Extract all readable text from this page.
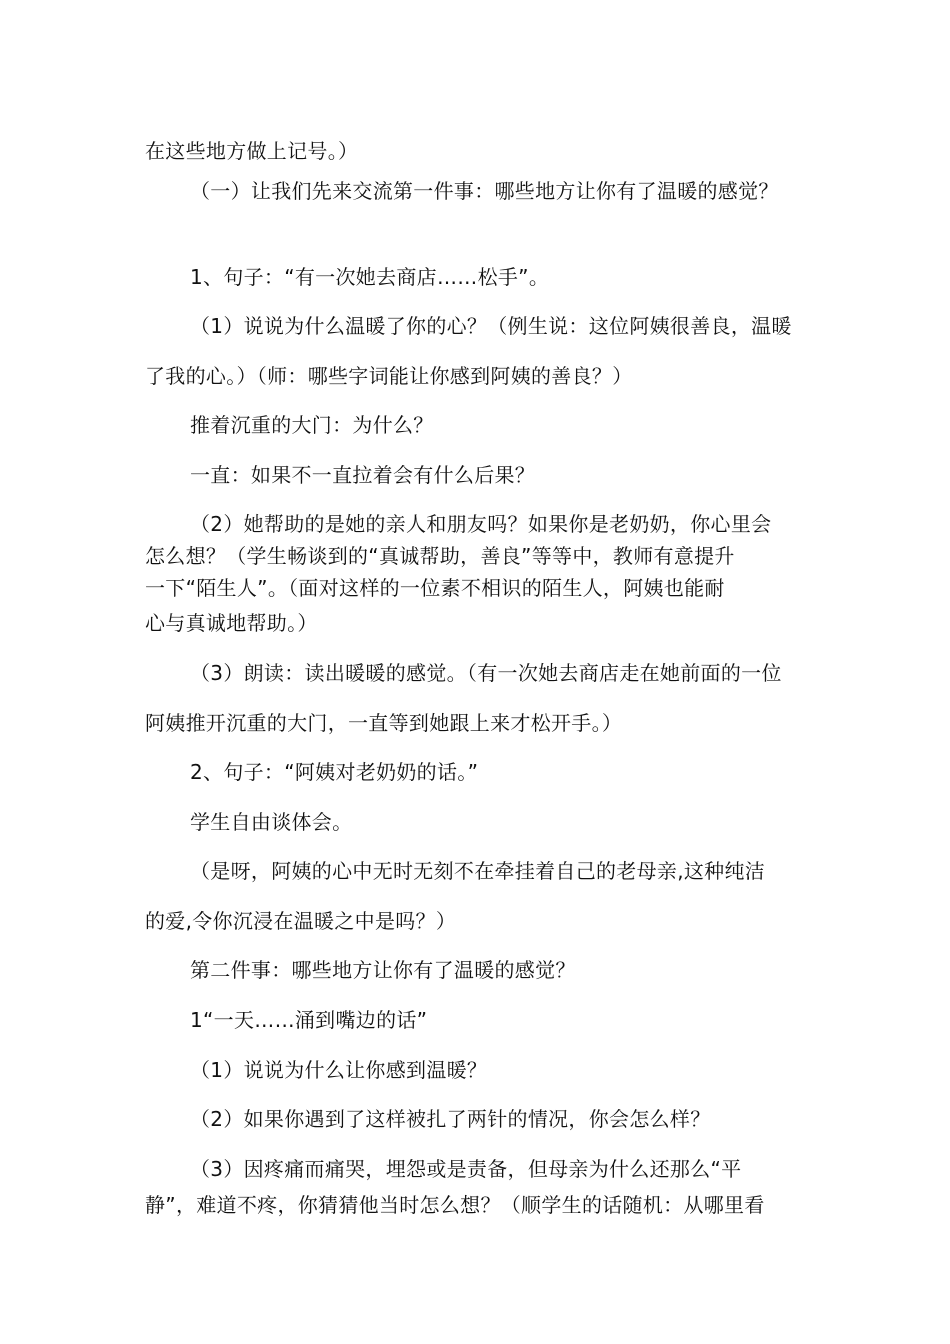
在这些地方做上记号。）
（一）让我们先来交流第一件事：哪些地方让你有了温暖的感觉？
1、句子：“有一次她去商店……松手”。
（1）说说为什么温暖了你的心？（例生说：这位阿姨很善良，温暖
了我的心。）（师：哪些字词能让你感到阿姨的善良？）
推着沉重的大门：为什么？
一直：如果不一直拉着会有什么后果？
（2）她帮助的是她的亲人和朋友吗？如果你是老奶奶，你心里会
怎么想？（学生畅谈到的“真诚帮助，善良”等等中，教师有意提升
一下“陌生人”。（面对这样的一位素不相识的陌生人，阿姨也能耐
心与真诚地帮助。）
（3）朗读：读出暖暖的感觉。（有一次她去商店走在她前面的一位
阿姨推开沉重的大门，一直等到她跟上来才松开手。）
2、句子：“阿姨对老奶奶的话。”
学生自由谈体会。
（是呀，阿姨的心中无时无刻不在牵挂着自己的老母亲,这种纯洁
的爱,令你沉浸在温暖之中是吗？）
第二件事：哪些地方让你有了温暖的感觉？
1“一天……涌到嘴边的话”
（1）说说为什么让你感到温暖？
（2）如果你遇到了这样被扎了两针的情况，你会怎么样？
（3）因疼痛而痛哭，埋怨或是责备，但母亲为什么还那么“平
静”，难道不疼，你猜猜他当时怎么想？（顺学生的话随机：从哪里看
